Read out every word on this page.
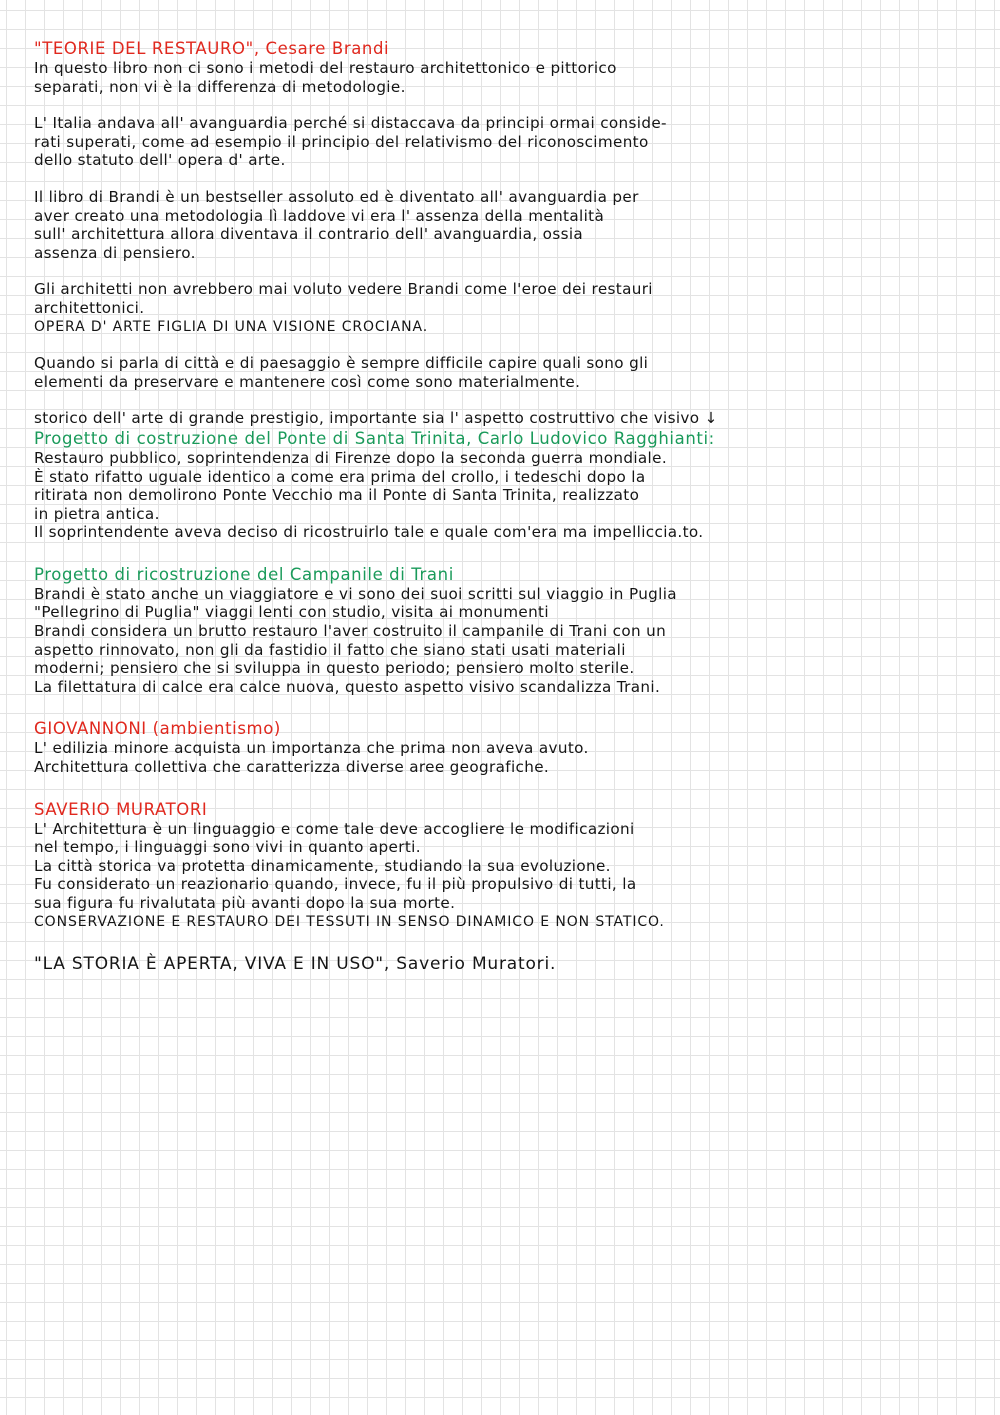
"TEORIE DEL RESTAURO", Cesare Brandi
In questo libro non ci sono i metodi del restauro architettonico e pittorico
separati, non vi è la differenza di metodologie.
L' Italia andava all' avanguardia perché si distaccava da principi ormai conside-
rati superati, come ad esempio il principio del relativismo del riconoscimento
dello statuto dell' opera d' arte.
Il libro di Brandi è un bestseller assoluto ed è diventato all' avanguardia per
aver creato una metodologia lì laddove vi era l' assenza della mentalità
sull' architettura allora diventava il contrario dell' avanguardia, ossia
assenza di pensiero.
Gli architetti non avrebbero mai voluto vedere Brandi come l'eroe dei restauri
architettonici.
OPERA D' ARTE FIGLIA DI UNA VISIONE CROCIANA.
Quando si parla di città e di paesaggio è sempre difficile capire quali sono gli
elementi da preservare e mantenere così come sono materialmente.
storico dell' arte di grande prestigio, importante sia l' aspetto costruttivo che visivo ↓
Progetto di costruzione del Ponte di Santa Trinita, Carlo Ludovico Ragghianti:
Restauro pubblico, soprintendenza di Firenze dopo la seconda guerra mondiale.
È stato rifatto uguale identico a come era prima del crollo, i tedeschi dopo la
ritirata non demolirono Ponte Vecchio ma il Ponte di Santa Trinita, realizzato
in pietra antica.
Il soprintendente aveva deciso di ricostruirlo tale e quale com'era ma impelliccia.to.
Progetto di ricostruzione del Campanile di Trani
Brandi è stato anche un viaggiatore e vi sono dei suoi scritti sul viaggio in Puglia
"Pellegrino di Puglia" viaggi lenti con studio, visita ai monumenti
Brandi considera un brutto restauro l'aver costruito il campanile di Trani con un
aspetto rinnovato, non gli da fastidio il fatto che siano stati usati materiali
moderni; pensiero che si sviluppa in questo periodo; pensiero molto sterile.
La filettatura di calce era calce nuova, questo aspetto visivo scandalizza Trani.
GIOVANNONI (ambientismo)
L' edilizia minore acquista un importanza che prima non aveva avuto.
Architettura collettiva che caratterizza diverse aree geografiche.
SAVERIO MURATORI
L' Architettura è un linguaggio e come tale deve accogliere le modificazioni
nel tempo, i linguaggi sono vivi in quanto aperti.
La città storica va protetta dinamicamente, studiando la sua evoluzione.
Fu considerato un reazionario quando, invece, fu il più propulsivo di tutti, la
sua figura fu rivalutata più avanti dopo la sua morte.
CONSERVAZIONE E RESTAURO DEI TESSUTI IN SENSO DINAMICO E NON STATICO.
"LA STORIA È APERTA, VIVA E IN USO", Saverio Muratori.
